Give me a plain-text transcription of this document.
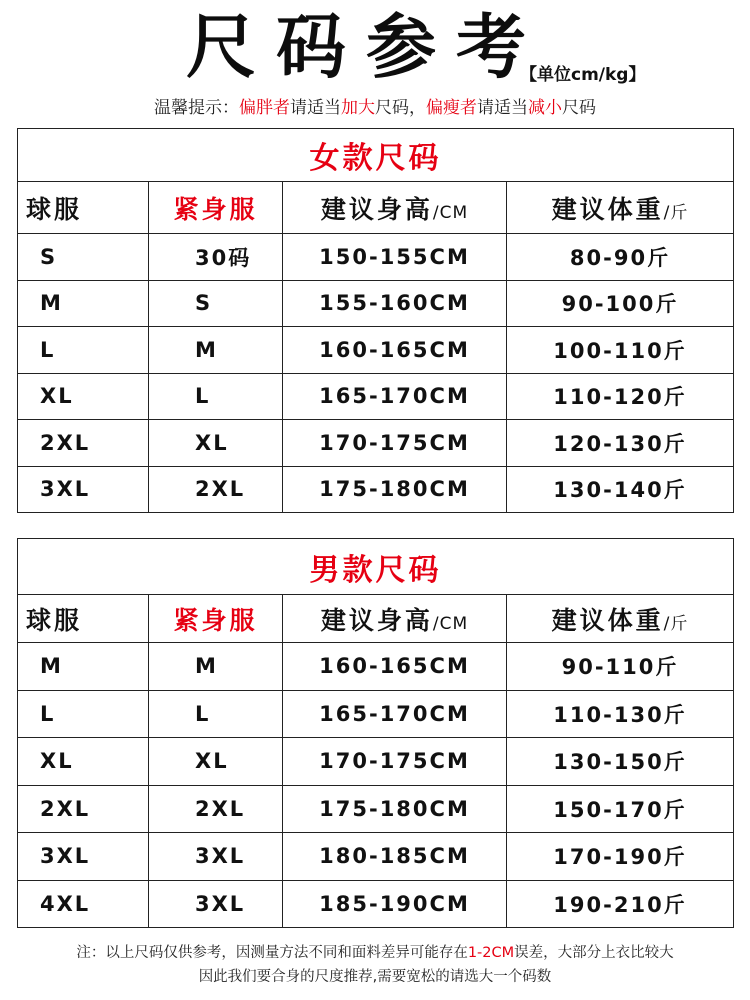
尺码参考
【单位cm/kg】
温馨提示：偏胖者请适当加大尺码，偏瘦者请适当减小尺码
女款尺码			
球服	紧身服	建议身高/CM	建议体重/斤
S	30码	150-155CM	80-90斤
M	S	155-160CM	90-100斤
L	M	160-165CM	100-110斤
XL	L	165-170CM	110-120斤
2XL	XL	170-175CM	120-130斤
3XL	2XL	175-180CM	130-140斤
男款尺码			
球服	紧身服	建议身高/CM	建议体重/斤
M	M	160-165CM	90-110斤
L	L	165-170CM	110-130斤
XL	XL	170-175CM	130-150斤
2XL	2XL	175-180CM	150-170斤
3XL	3XL	180-185CM	170-190斤
4XL	3XL	185-190CM	190-210斤
注：以上尺码仅供参考，因测量方法不同和面料差异可能存在1-2CM误差，大部分上衣比较大
因此我们要合身的尺度推荐,需要宽松的请选大一个码数
